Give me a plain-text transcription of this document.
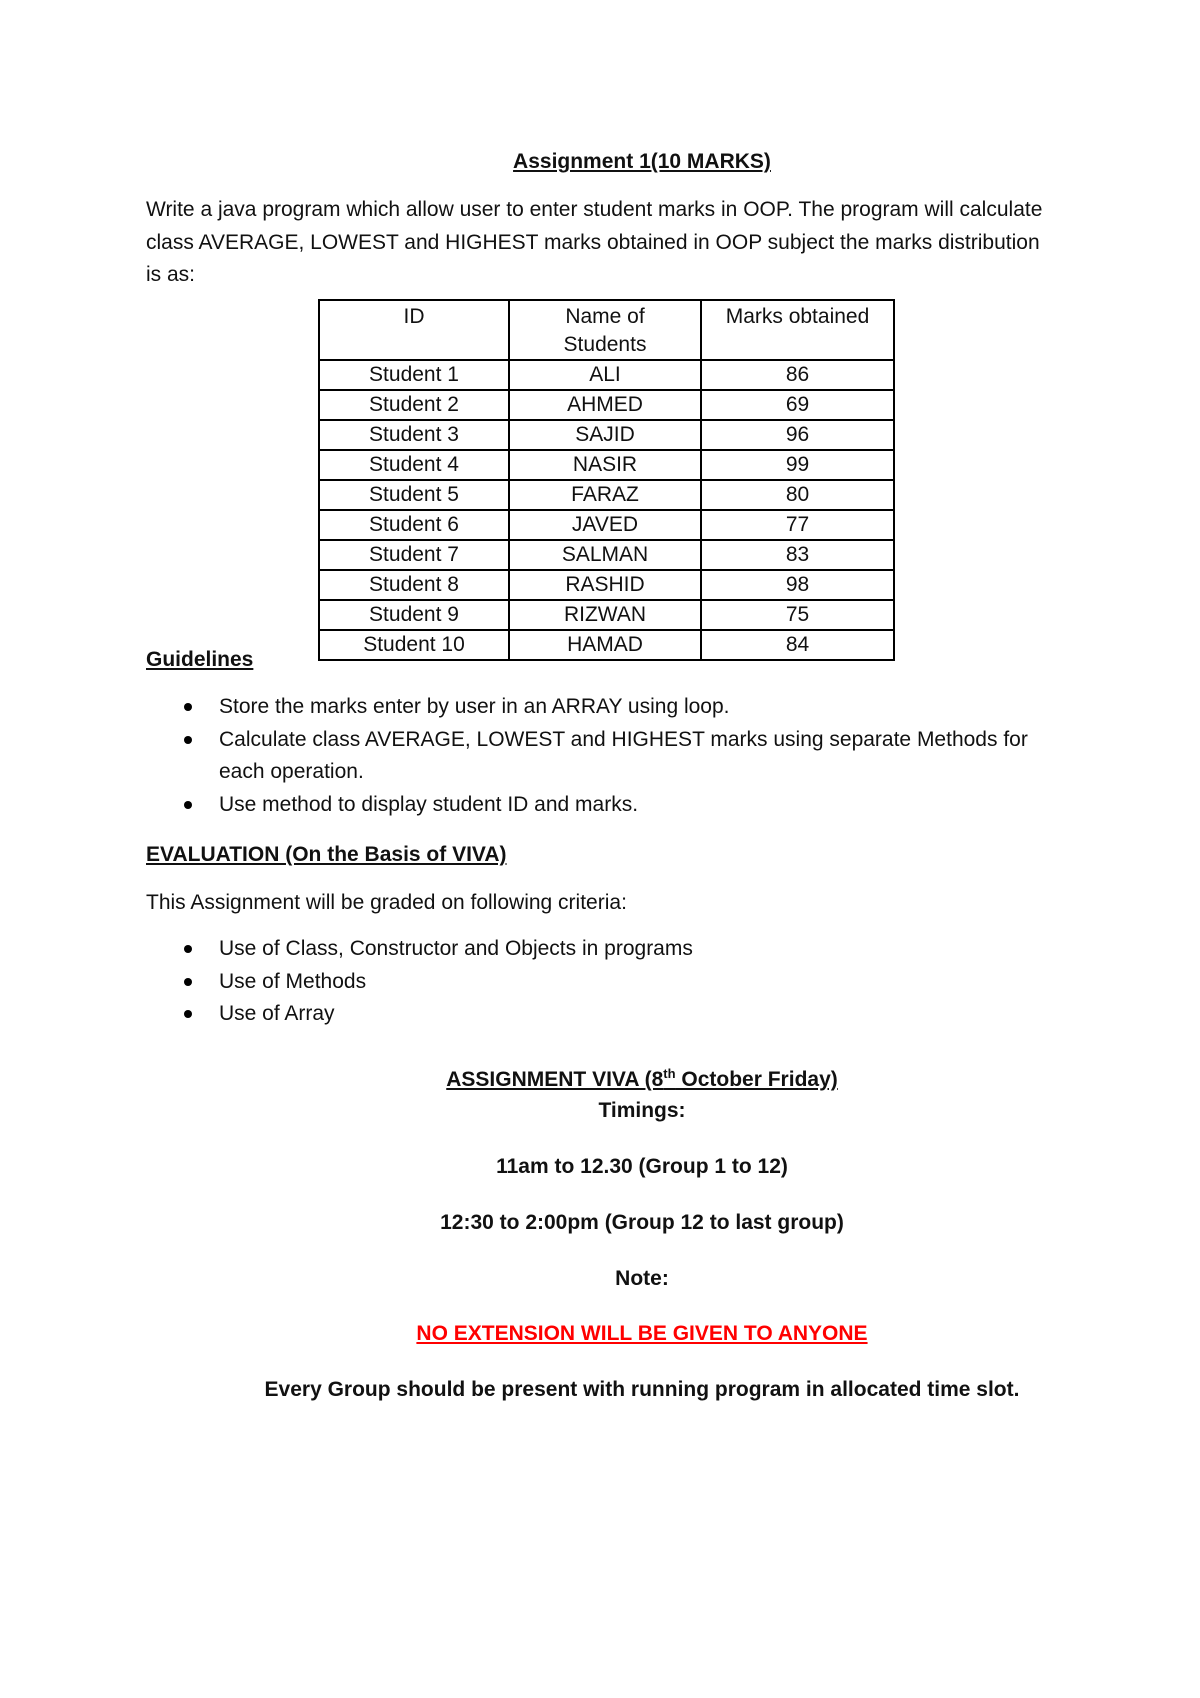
Assignment 1(10 MARKS)
Write a java program which allow user to enter student marks in OOP. The program will calculate class AVERAGE, LOWEST and HIGHEST marks obtained in OOP subject the marks distribution is as:
ID	Name of Students	Marks obtained
Student 1	ALI	86
Student 2	AHMED	69
Student 3	SAJID	96
Student 4	NASIR	99
Student 5	FARAZ	80
Student 6	JAVED	77
Student 7	SALMAN	83
Student 8	RASHID	98
Student 9	RIZWAN	75
Student 10	HAMAD	84
Guidelines
Store the marks enter by user in an ARRAY using loop.
Calculate class AVERAGE, LOWEST and HIGHEST marks using separate Methods for each operation.
Use method to display student ID and marks.
EVALUATION (On the Basis of VIVA)
This Assignment will be graded on following criteria:
Use of Class, Constructor and Objects in programs
Use of Methods
Use of Array
ASSIGNMENT VIVA (8th October Friday)
Timings:
11am to 12.30 (Group 1 to 12)
12:30 to 2:00pm (Group 12 to last group)
Note:
NO EXTENSION WILL BE GIVEN TO ANYONE
Every Group should be present with running program in allocated time slot.
